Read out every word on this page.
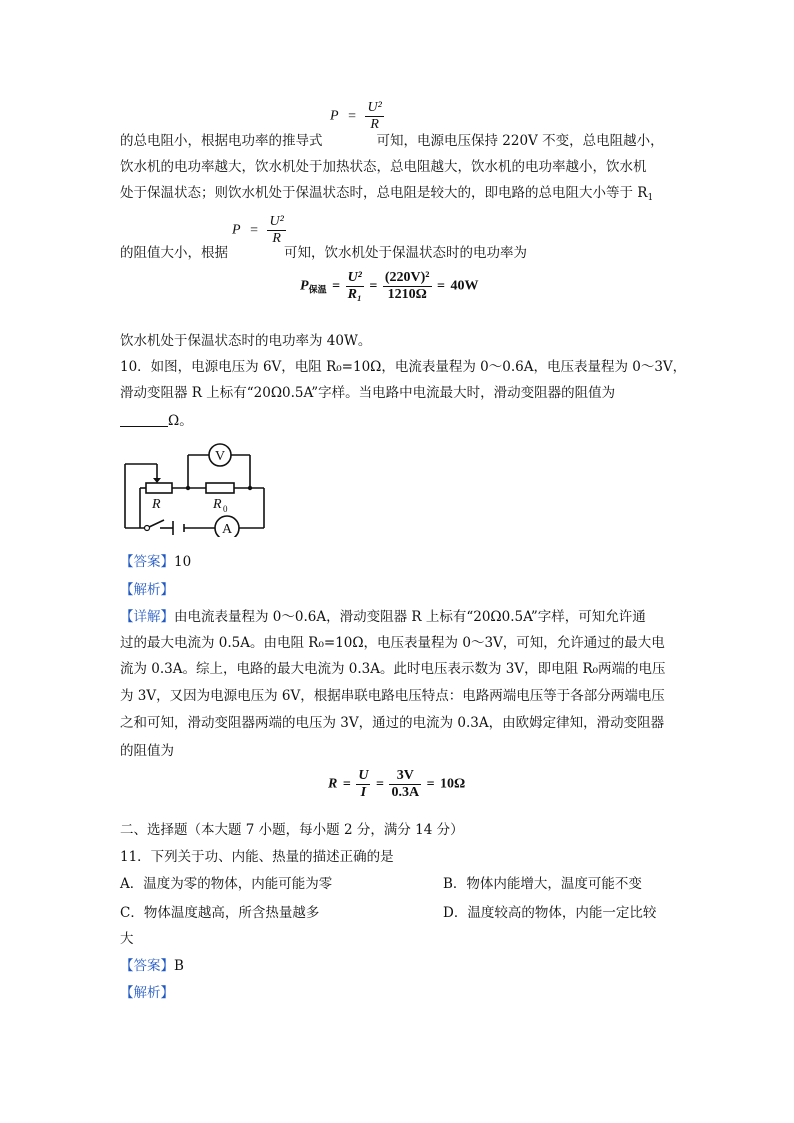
$P = \frac{\text{U²}}{R}$
的总电阻小，根据电功率的推导式	可知，电源电压保持 220V 不变，总电阻越小，
饮水机的电功率越大，饮水机处于加热状态，总电阻越大，饮水机的电功率越小，饮水机
处于保温状态；则饮水机处于保温状态时，总电阻是较大的，即电路的总电阻大小等于 $R_1$
$P = \frac{\text{U²}}{R}$
的阻值大小，根据	可知，饮水机处于保温状态时的电功率为
$P_{保温} = \frac{\text{U²}}{\text{R₁}} = \frac{\text{(220V)²}}{1210\Omega} = 40W$
饮水机处于保温状态时的电功率为 40W。
10．如图，电源电压为 6V，电阻 R₀=10Ω，电流表量程为 0～0.6A，电压表量程为 0～3V，
滑动变阻器 R 上标有“20Ω0.5A”字样。当电路中电流最大时，滑动变阻器的阻值为
Ω。
V
A
R	R 0
【答案】10
【解析】
【详解】由电流表量程为 0～0.6A，滑动变阻器 R 上标有“20Ω0.5A”字样，可知允许通
过的最大电流为 0.5A。由电阻 R₀=10Ω，电压表量程为 0～3V，可知，允许通过的最大电
流为 0.3A。综上，电路的最大电流为 0.3A。此时电压表示数为 3V，即电阻 R₀两端的电压
为 3V，又因为电源电压为 6V，根据串联电路电压特点：电路两端电压等于各部分两端电压
之和可知，滑动变阻器两端的电压为 3V，通过的电流为 0.3A，由欧姆定律知，滑动变阻器
的阻值为
$R = \frac{U}{I} = \frac{3V}{0.3A} = 10\Omega$
二、选择题（本大题 7 小题，每小题 2 分，满分 14 分）
11．下列关于功、内能、热量的描述正确的是
A．温度为零的物体，内能可能为零	B．物体内能增大，温度可能不变
C．物体温度越高，所含热量越多	D．温度较高的物体，内能一定比较
大
【答案】B
【解析】
